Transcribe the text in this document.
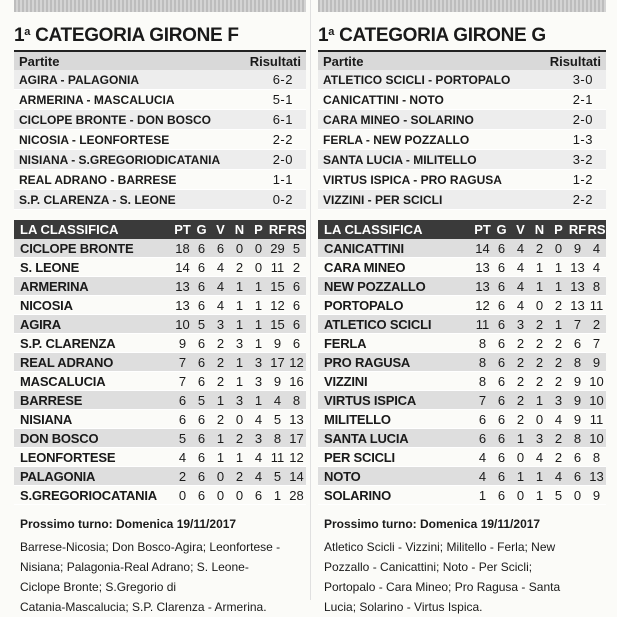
1$^a$ CATEGORIA GIRONE F
Partite	Risultati
AGIRA - PALAGONIA	6-2
ARMERINA - MASCALUCIA	5-1
CICLOPE BRONTE - DON BOSCO	6-1
NICOSIA - LEONFORTESE	2-2
NISIANA - S.GREGORIODICATANIA	2-0
REAL ADRANO - BARRESE	1-1
S.P. CLARENZA - S. LEONE	0-2
LA CLASSIFICA	PT G V N P RF RS
CICLOPE BRONTE	18 6 6 0 0 29 5
S. LEONE	14 6 4 2 0 11 2
ARMERINA	13 6 4 1 1 15 6
NICOSIA	13 6 4 1 1 12 6
AGIRA	10 5 3 1 1 15 6
S.P. CLARENZA	9 6 2 3 1 9 6
REAL ADRANO	7 6 2 1 3 17 12
MASCALUCIA	7 6 2 1 3 9 16
BARRESE	6 5 1 3 1 4 8
NISIANA	6 6 2 0 4 5 13
DON BOSCO	5 6 1 2 3 8 17
LEONFORTESE	4 6 1 1 4 11 12
PALAGONIA	2 6 0 2 4 5 14
S.GREGORIOCATANIA	0 6 0 0 6 1 28
Prossimo turno: Domenica 19/11/2017
Barrese-Nicosia; Don Bosco-Agira; Leonfortese -
Nisiana; Palagonia-Real Adrano; S. Leone-
Ciclope Bronte; S.Gregorio di
Catania-Mascalucia; S.P. Clarenza - Armerina.
1$^a$ CATEGORIA GIRONE G
Partite	Risultati
ATLETICO SCICLI - PORTOPALO	3-0
CANICATTINI - NOTO	2-1
CARA MINEO - SOLARINO	2-0
FERLA - NEW POZZALLO	1-3
SANTA LUCIA - MILITELLO	3-2
VIRTUS ISPICA - PRO RAGUSA	1-2
VIZZINI - PER SCICLI	2-2
LA CLASSIFICA	PT G V N P RF RS
CANICATTINI	14 6 4 2 0 9 4
CARA MINEO	13 6 4 1 1 13 4
NEW POZZALLO	13 6 4 1 1 13 8
PORTOPALO	12 6 4 0 2 13 11
ATLETICO SCICLI	11 6 3 2 1 7 2
FERLA	8 6 2 2 2 6 7
PRO RAGUSA	8 6 2 2 2 8 9
VIZZINI	8 6 2 2 2 9 10
VIRTUS ISPICA	7 6 2 1 3 9 10
MILITELLO	6 6 2 0 4 9 11
SANTA LUCIA	6 6 1 3 2 8 10
PER SCICLI	4 6 0 4 2 6 8
NOTO	4 6 1 1 4 6 13
SOLARINO	1 6 0 1 5 0 9
Prossimo turno: Domenica 19/11/2017
Atletico Scicli - Vizzini; Militello - Ferla; New
Pozzallo - Canicattini; Noto - Per Scicli;
Portopalo - Cara Mineo; Pro Ragusa - Santa
Lucia; Solarino - Virtus Ispica.
